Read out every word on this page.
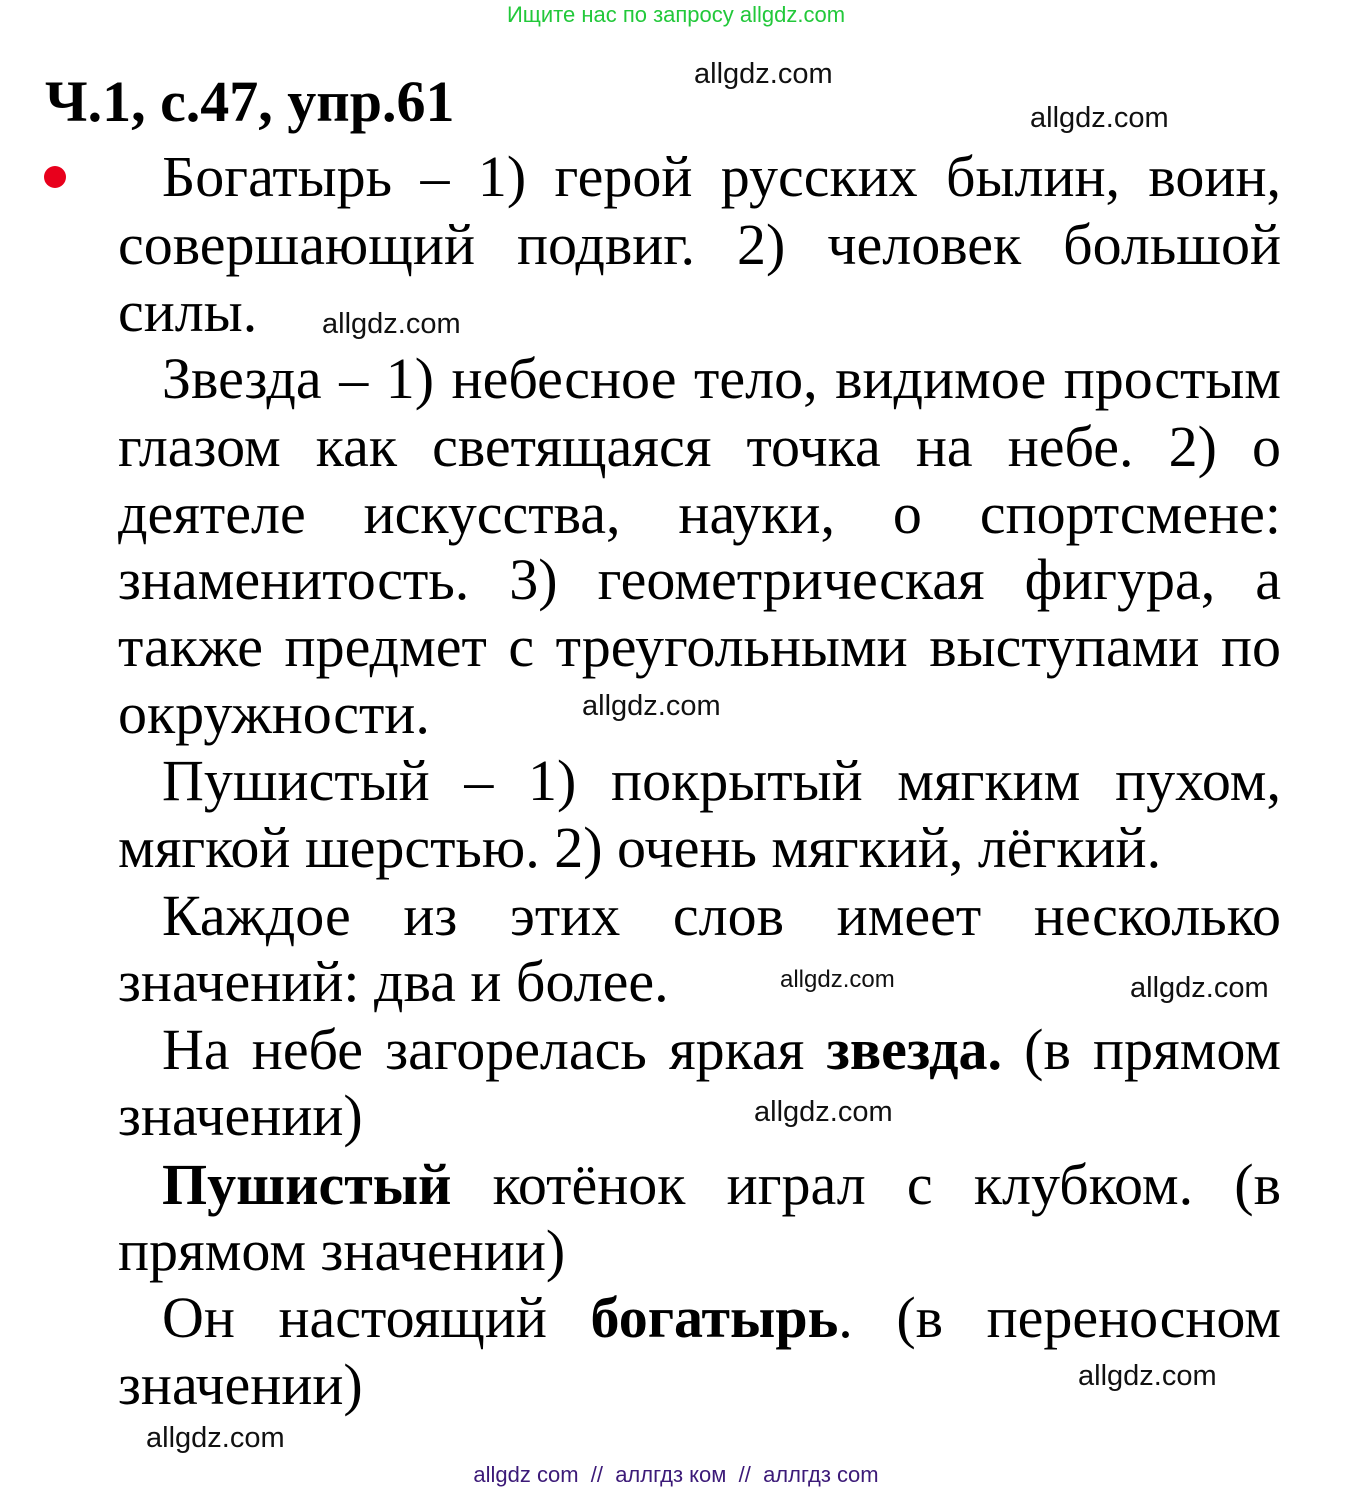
Ищите нас по запросу allgdz.com
Ч.1, с.47, упр.61
Богатырь – 1) герой русских былин, воин,
совершающий подвиг. 2) человек большой
силы.
Звезда – 1) небесное тело, видимое простым
глазом как светящаяся точка на небе. 2) о
деятеле искусства, науки, о спортсмене:
знаменитость. 3) геометрическая фигура, а
также предмет с треугольными выступами по
окружности.
Пушистый – 1) покрытый мягким пухом,
мягкой шерстью. 2) очень мягкий, лёгкий.
Каждое из этих слов имеет несколько
значений: два и более.
На небе загорелась яркая звезда. (в прямом
значении)
Пушистый котёнок играл с клубком. (в
прямом значении)
Он настоящий богатырь. (в переносном
значении)
allgdz.com
allgdz.com
allgdz.com
allgdz.com
allgdz.com	allgdz.com
allgdz.com
allgdz.com
allgdz.com
allgdz com  //  аллгдз ком  //  аллгдз com
